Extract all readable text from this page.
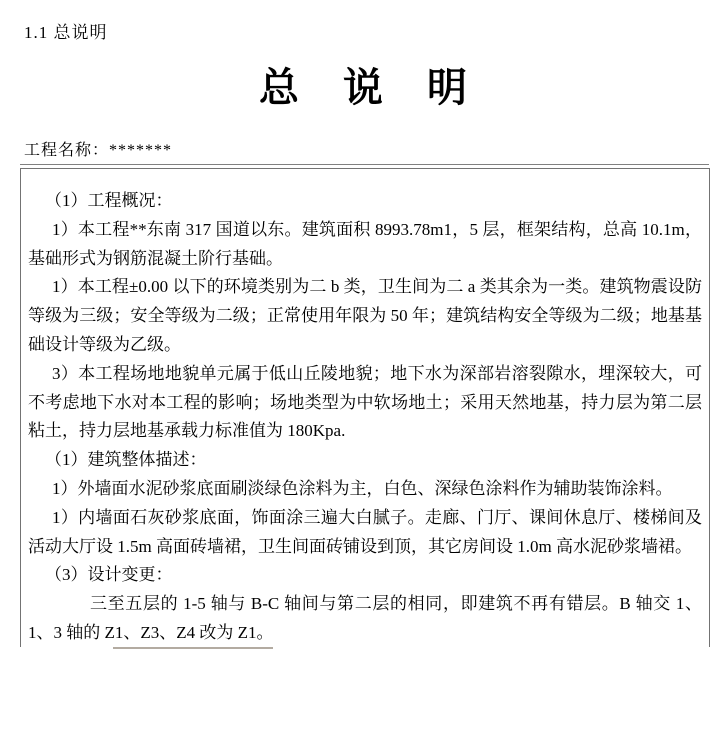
1.1 总说明
总　说　明
工程名称：*******

（1）工程概况：

1）本工程**东南 317 国道以东。建筑面积 8993.78m1，5 层，框架结构，总高 10.1m，基础形式为钢筋混凝土阶行基础。

1）本工程±0.00 以下的环境类别为二 b 类，卫生间为二 a 类其余为一类。建筑物震设防等级为三级；安全等级为二级；正常使用年限为 50 年；建筑结构安全等级为二级；地基基础设计等级为乙级。

3）本工程场地地貌单元属于低山丘陵地貌；地下水为深部岩溶裂隙水，埋深较大，可不考虑地下水对本工程的影响；场地类型为中软场地土；采用天然地基，持力层为第二层粘土，持力层地基承载力标准值为 180Kpa.

（1）建筑整体描述：

1）外墙面水泥砂浆底面刷淡绿色涂料为主，白色、深绿色涂料作为辅助装饰涂料。

1）内墙面石灰砂浆底面，饰面涂三遍大白腻子。走廊、门厅、课间休息厅、楼梯间及活动大厅设 1.5m 高面砖墙裙，卫生间面砖铺设到顶，其它房间设 1.0m 高水泥砂浆墙裙。

（3）设计变更：

三至五层的 1-5 轴与 B-C 轴间与第二层的相同，即建筑不再有错层。B 轴交 1、1、3 轴的 Z1、Z3、Z4 改为 Z1。
